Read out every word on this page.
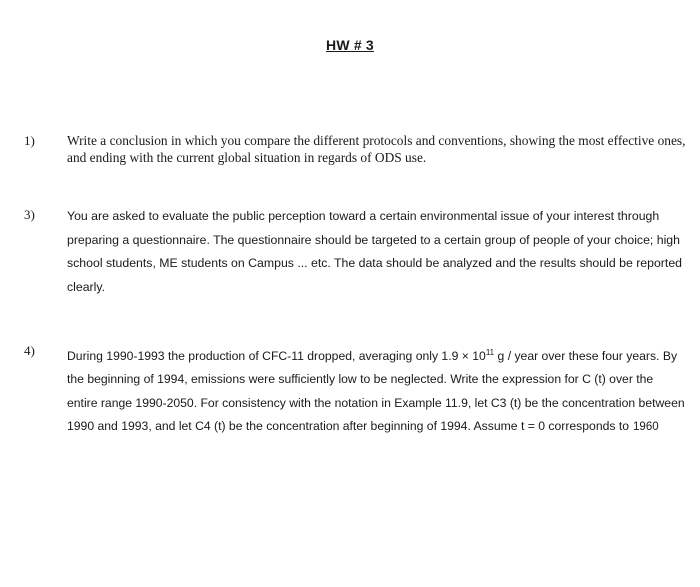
HW # 3
1) Write a conclusion in which you compare the different protocols and conventions, showing the most effective ones, and ending with the current global situation in regards of ODS use.
3)	You are asked to evaluate the public perception toward a certain environmental issue of your interest through preparing a questionnaire. The questionnaire should be targeted to a certain group of people of your choice; high school students, ME students on Campus ... etc. The data should be analyzed and the results should be reported clearly.
4)	During 1990-1993 the production of CFC-11 dropped, averaging only $1.9 \times 10^{11}$ g / year over these four years. By the beginning of 1994, emissions were sufficiently low to be neglected. Write the expression for C (t) over the entire range 1990-2050. For consistency with the notation in Example 11.9, let C3 (t) be the concentration between 1990 and 1993, and let C4 (t) be the concentration after beginning of 1994. Assume t = 0 corresponds to 1960
